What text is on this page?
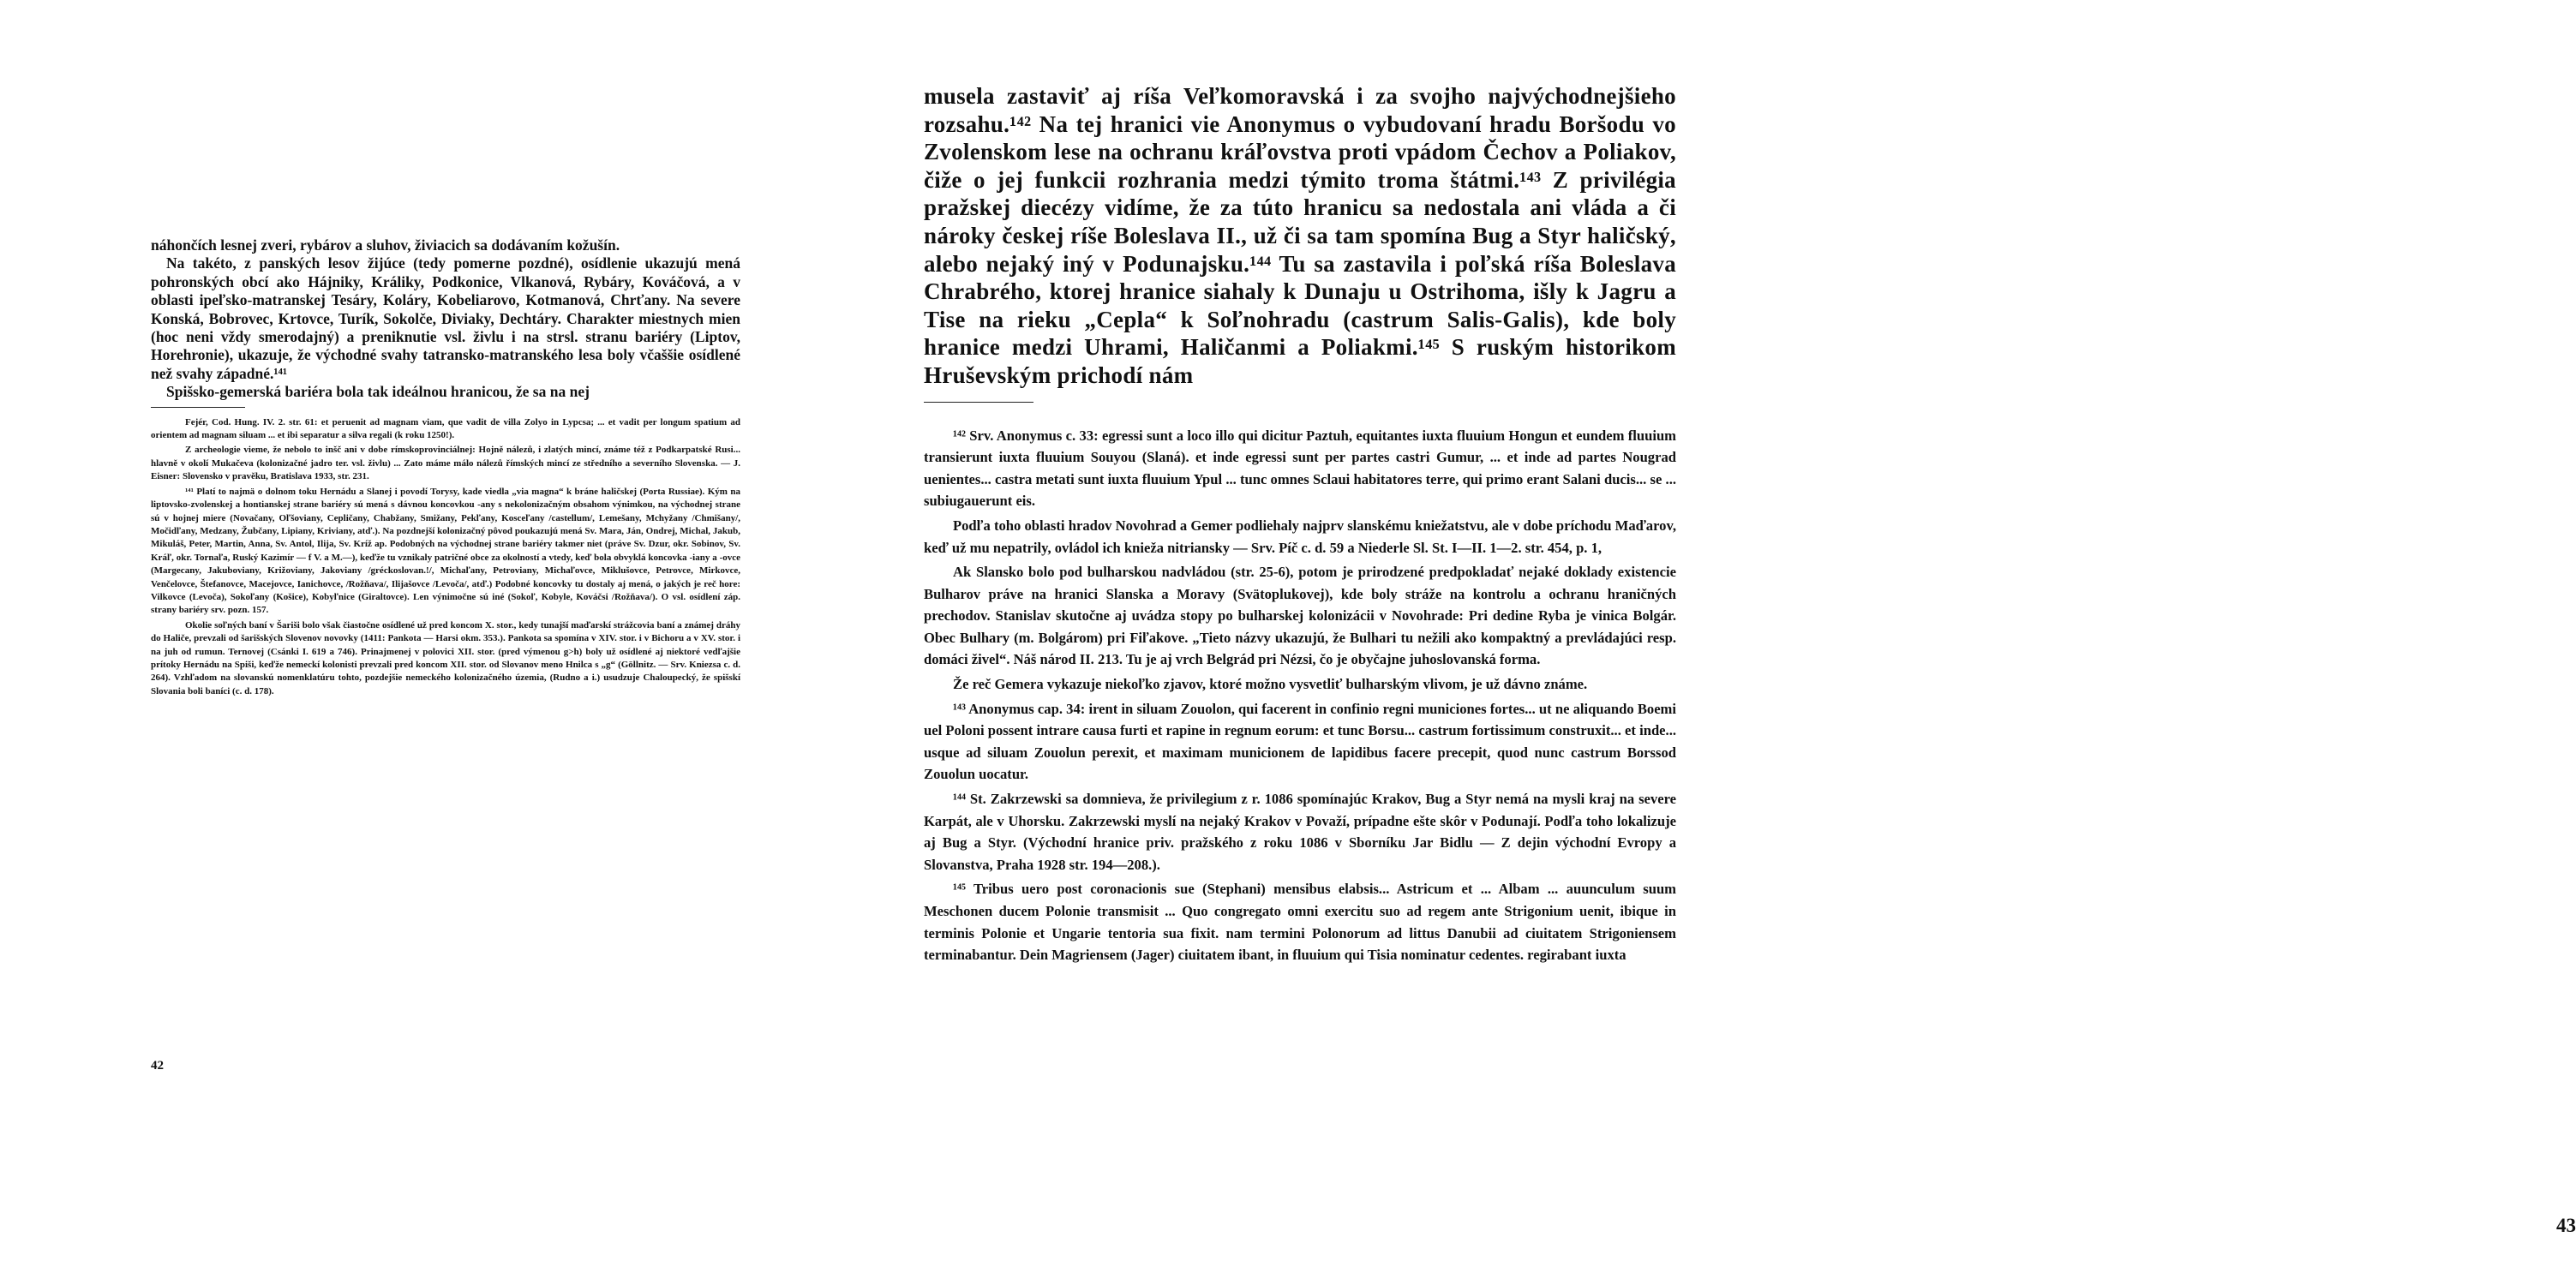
náhončích lesnej zveri, rybárov a sluhov, živiacich sa dodávaním kožušín.

Na takéto, z panských lesov žijúce (tedy pomerne pozdné), osídlenie ukazujú mená pohronských obcí ako Hájniky, Králiky, Podkonice, Vlkanová, Rybáry, Kováčová, a v oblasti ipeľsko-matranskej Tesáry, Koláry, Kobeliarovo, Kotmanová, Chrťany. Na severe Konská, Bobrovec, Krtovce, Turík, Sokolče, Diviaky, Dechtáry. Charakter miestnych mien (hoc neni vždy smerodajný) a preniknutie vsl. živlu i na strsl. stranu bariéry (Liptov, Horehronie), ukazuje, že východné svahy tatransko-matranského lesa boly včaššie osídlené než svahy západné.¹⁴¹

Spišsko-gemerská bariéra bola tak ideálnou hranicou, že sa na nej

Fejér, Cod. Hung. IV. 2. str. 61: et peruenit ad magnam viam, que vadit de villa Zolyo in Lypcsa; ... et vadit per longum spatium ad orientem ad magnam siluam ... et ibi separatur a silva regali (k roku 1250!).

Z archeologie vieme, že nebolo to inšč ani v dobe rímskoprovinciálnej: Hojně nálezů, i zlatých mincí, známe též z Podkarpatské Rusi... hlavně v okolí Mukačeva (kolonizačné jadro ter. vsl. živlu) ... Zato máme málo nálezů římských mincí ze středního a severního Slovenska. — J. Eisner: Slovensko v pravěku, Bratislava 1933, str. 231.

¹⁴¹ Platí to najmä o dolnom toku Hernádu a Slanej i povodí Torysy, kade viedla „via magna“ k bráne haličskej (Porta Russiae). Kým na liptovsko-zvolenskej a hontianskej strane bariéry sú mená s dávnou koncovkou -any s nekolonizačným obsahom výnimkou, na východnej strane sú v hojnej miere (Novačany, Oľšoviany, Cepličany, Chabžany, Smižany, Pekľany, Kosceľany /castellum/, Lemešany, Mchyžany /Chmišany/, Močidľany, Medzany, Žubčany, Lipiany, Kriviany, atď.). Na pozdnejší kolonizačný pôvod poukazujú mená Sv. Mara, Ján, Ondrej, Michal, Jakub, Mikuláš, Peter, Martin, Anna, Sv. Antol, Ilija, Sv. Kríž ap. Podobných na východnej strane bariéry takmer niet (práve Sv. Dzur, okr. Sobinov, Sv. Kráľ, okr. Tornaľa, Ruský Kazimír — f V. a M.—), keďže tu vznikaly patričné obce za okolností a vtedy, keď bola obvyklá koncovka -iany a -ovce (Margecany, Jakuboviany, Križoviany, Jakoviany /gréckoslovan.!/, Michaľany, Petroviany, Michaľovce, Miklušovce, Petrovce, Mirkovce, Venčelovce, Štefanovce, Macejovce, Ianichovce, /Rožňava/, Ilijašovce /Levoča/, atď.) Podobné koncovky tu dostaly aj mená, o jakých je reč hore: Vilkovce (Levoča), Sokoľany (Košice), Kobyľnice (Giraltovce). Len výnimočne sú iné (Sokoľ, Kobyle, Kováčsi /Rožňava/). O vsl. osídlení záp. strany bariéry srv. pozn. 157.

Okolie soľných baní v Šariši bolo však čiastočne osídlené už pred koncom X. stor., kedy tunajší maďarskí strážcovia baní a známej dráhy do Haliče, prevzali od šarišských Slovenov novovky (1411: Pankota — Harsi okm. 353.). Pankota sa spomína v XIV. stor. i v Bichoru a v XV. stor. i na juh od rumun. Ternovej (Csánki I. 619 a 746). Prinajmenej v polovici XII. stor. (pred výmenou g>h) boly už osídlené aj niektoré vedľajšie prítoky Hernádu na Spiši, keďže nemeckí kolonisti prevzali pred koncom XII. stor. od Slovanov meno Hnilca s „g“ (Göllnitz. — Srv. Kniezsa c. d. 264). Vzhľadom na slovanskú nomenklatúru tohto, pozdejšie nemeckého kolonizačného územia, (Rudno a i.) usudzuje Chaloupecký, že spišskí Slovania boli baníci (c. d. 178).

42

musela zastaviť aj ríša Veľkomoravská i za svojho najvýchodnejšieho rozsahu.¹⁴² Na tej hranici vie Anonymus o vybudovaní hradu Boršodu vo Zvolenskom lese na ochranu kráľovstva proti vpádom Čechov a Poliakov, čiže o jej funkcii rozhrania medzi týmito troma štátmi.¹⁴³ Z privilégia pražskej diecézy vidíme, že za túto hranicu sa nedostala ani vláda a či nároky českej ríše Boleslava II., už či sa tam spomína Bug a Styr haličský, alebo nejaký iný v Podunajsku.¹⁴⁴ Tu sa zastavila i poľská ríša Boleslava Chrabrého, ktorej hranice siahaly k Dunaju u Ostrihoma, išly k Jagru a Tise na rieku „Cepla“ k Soľnohradu (castrum Salis-Galis), kde boly hranice medzi Uhrami, Haličanmi a Poliakmi.¹⁴⁵ S ruským historikom Hruševským prichodí nám

¹⁴² Srv. Anonymus c. 33: egressi sunt a loco illo qui dicitur Paztuh, equitantes iuxta fluuium Hongun et eundem fluuium transierunt iuxta fluuium Souyou (Slaná). et inde egressi sunt per partes castri Gumur, ... et inde ad partes Nougrad uenientes... castra metati sunt iuxta fluuium Ypul ... tunc omnes Sclaui habitatores terre, qui primo erant Salani ducis... se ... subiugauerunt eis.

Podľa toho oblasti hradov Novohrad a Gemer podliehaly najprv slanskému kniežatstvu, ale v dobe príchodu Maďarov, keď už mu nepatrily, ovládol ich knieža nitriansky — Srv. Píč c. d. 59 a Niederle Sl. St. I—II. 1—2. str. 454, p. 1,

Ak Slansko bolo pod bulharskou nadvládou (str. 25-6), potom je prirodzené predpokladať nejaké doklady existencie Bulharov práve na hranici Slanska a Moravy (Svätoplukovej), kde boly stráže na kontrolu a ochranu hraničných prechodov. Stanislav skutočne aj uvádza stopy po bulharskej kolonizácii v Novohrade: Pri dedine Ryba je vinica Bolgár. Obec Bulhary (m. Bolgárom) pri Fiľakove. „Tieto názvy ukazujú, že Bulhari tu nežili ako kompaktný a prevládajúci resp. domáci živel“. Náš národ II. 213. Tu je aj vrch Belgrád pri Nézsi, čo je obyčajne juhoslovanská forma.

Že reč Gemera vykazuje niekoľko zjavov, ktoré možno vysvetliť bulharským vlivom, je už dávno známe.

¹⁴³ Anonymus cap. 34: irent in siluam Zouolon, qui facerent in confinio regni municiones fortes... ut ne aliquando Boemi uel Poloni possent intrare causa furti et rapine in regnum eorum: et tunc Borsu... castrum fortissimum construxit... et inde... usque ad siluam Zouolun perexit, et maximam municionem de lapidibus facere precepit, quod nunc castrum Borssod Zouolun uocatur.

¹⁴⁴ St. Zakrzewski sa domnieva, že privilegium z r. 1086 spomínajúc Krakov, Bug a Styr nemá na mysli kraj na severe Karpát, ale v Uhorsku. Zakrzewski myslí na nejaký Krakov v Považí, prípadne ešte skôr v Podunají. Podľa toho lokalizuje aj Bug a Styr. (Východní hranice priv. pražského z roku 1086 v Sborníku Jar Bidlu — Z dejin východní Evropy a Slovanstva, Praha 1928 str. 194—208.).

¹⁴⁵ Tribus uero post coronacionis sue (Stephani) mensibus elabsis... Astricum et ... Albam ... auunculum suum Meschonen ducem Polonie transmisit ... Quo congregato omni exercitu suo ad regem ante Strigonium uenit, ibique in terminis Polonie et Ungarie tentoria sua fixit. nam termini Polonorum ad littus Danubii ad ciuitatem Strigoniensem terminabantur. Dein Magriensem (Jager) ciuitatem ibant, in fluuium qui Tisia nominatur cedentes. regirabant iuxta

43
